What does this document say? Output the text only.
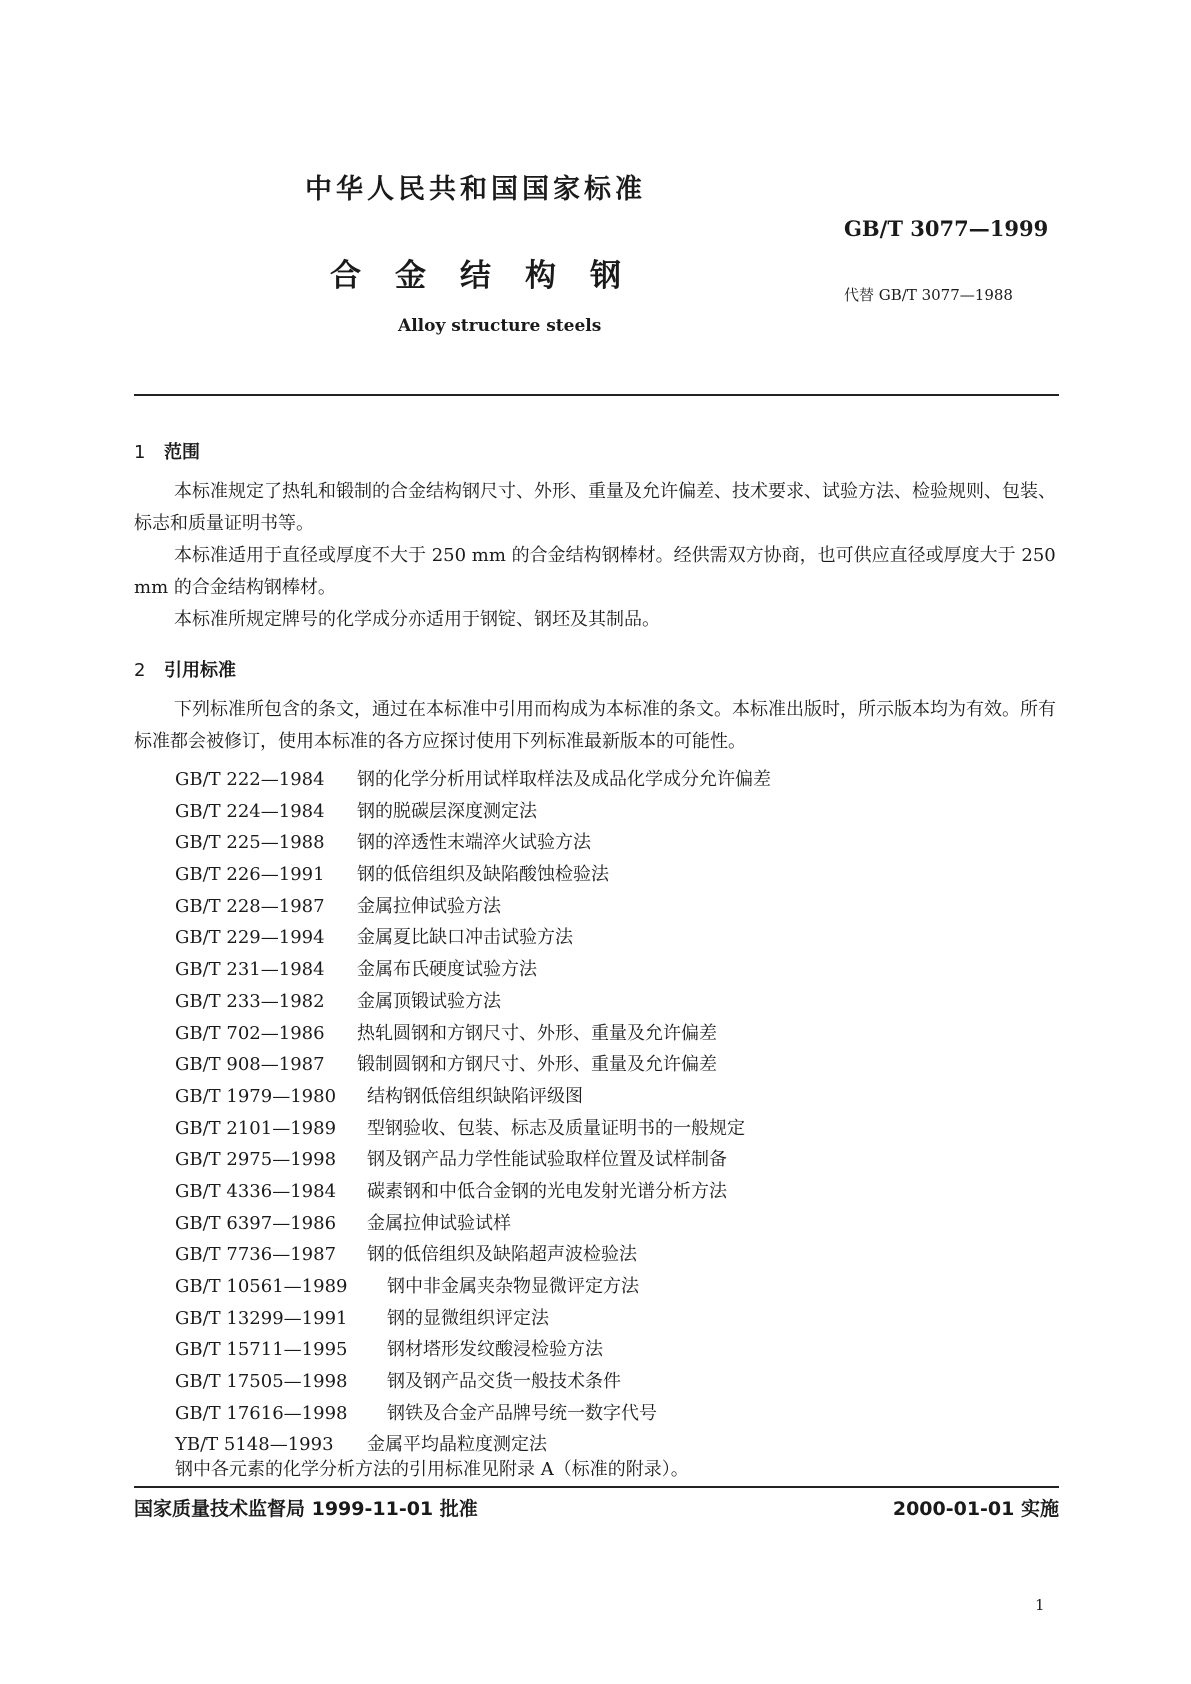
中华人民共和国国家标准
GB/T 3077—1999
合 金 结 构 钢
代替 GB/T 3077—1988
Alloy structure steels
1 范围
本标准规定了热轧和锻制的合金结构钢尺寸、外形、重量及允许偏差、技术要求、试验方法、检验规则、包装、标志和质量证明书等。
本标准适用于直径或厚度不大于 250 mm 的合金结构钢棒材。经供需双方协商，也可供应直径或厚度大于 250 mm 的合金结构钢棒材。
本标准所规定牌号的化学成分亦适用于钢锭、钢坯及其制品。
2 引用标准
下列标准所包含的条文，通过在本标准中引用而构成为本标准的条文。本标准出版时，所示版本均为有效。所有标准都会被修订，使用本标准的各方应探讨使用下列标准最新版本的可能性。
GB/T 222—1984	钢的化学分析用试样取样法及成品化学成分允许偏差
GB/T 224—1984	钢的脱碳层深度测定法
GB/T 225—1988	钢的淬透性末端淬火试验方法
GB/T 226—1991	钢的低倍组织及缺陷酸蚀检验法
GB/T 228—1987	金属拉伸试验方法
GB/T 229—1994	金属夏比缺口冲击试验方法
GB/T 231—1984	金属布氏硬度试验方法
GB/T 233—1982	金属顶锻试验方法
GB/T 702—1986	热轧圆钢和方钢尺寸、外形、重量及允许偏差
GB/T 908—1987	锻制圆钢和方钢尺寸、外形、重量及允许偏差
GB/T 1979—1980	结构钢低倍组织缺陷评级图
GB/T 2101—1989	型钢验收、包装、标志及质量证明书的一般规定
GB/T 2975—1998	钢及钢产品力学性能试验取样位置及试样制备
GB/T 4336—1984	碳素钢和中低合金钢的光电发射光谱分析方法
GB/T 6397—1986	金属拉伸试验试样
GB/T 7736—1987	钢的低倍组织及缺陷超声波检验法
GB/T 10561—1989	钢中非金属夹杂物显微评定方法
GB/T 13299—1991	钢的显微组织评定法
GB/T 15711—1995	钢材塔形发纹酸浸检验方法
GB/T 17505—1998	钢及钢产品交货一般技术条件
GB/T 17616—1998	钢铁及合金产品牌号统一数字代号
YB/T 5148—1993	金属平均晶粒度测定法
钢中各元素的化学分析方法的引用标准见附录 A（标准的附录）。
国家质量技术监督局 1999-11-01 批准	2000-01-01 实施
1
